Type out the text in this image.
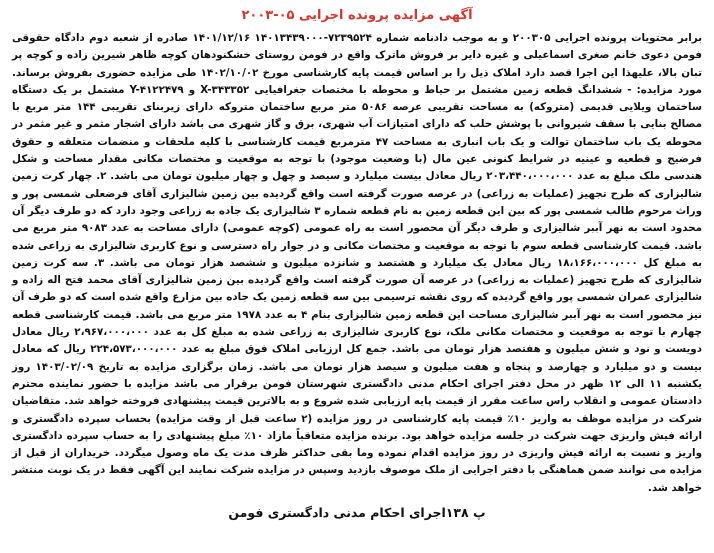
آگهی مزایده پرونده اجرایی ۰۵-۲۰۰۳

برابر محتویات پرونده اجرایی ۲۰۰۳۰۵ و به موجب دادنامه شماره ۷۲۳۹۵۲۴-۱۴۰۱۳۴۳۹۰۰۰ ۱۴۰۱/۱۲/۱۶ صادره از شعبه دوم دادگاه حقوقی فومن دعوی خانم صغری اسماعیلی و غیره دایر بر فروش ماترک واقع در فومن روستای خشکنودهان کوچه ظاهر شیرین زاده و کوچه پر تبان بالا، علیهذا این اجرا قصد دارد املاک ذیل را بر اساس قیمت پایه کارشناسی مورخ ۱۴۰۲/۱۰/۰۲ طی مزایده حضوری بفروش برساند. مورد مزایده: - ششدانگ قطعه زمین مشتمل بر حیاط و محوطه با مختصات جغرافیایی X-۳۴۳۳۵۲ و Y-۴۱۲۲۴۷۹ مشتمل بر یک دستگاه ساختمان ویلایی قدیمی (متروکه) به مساحت تقریبی عرصه ۵۰۸۶ متر مربع ساختمان متروکه دارای زیربنای تقریبی ۱۴۴ متر مربع با مصالح بنایی با سقف شیروانی با پوشش حلب که دارای امتیازات آب شهری، برق و گاز شهری می باشد دارای اشجار مثمر و غیر مثمر در محوطه یک باب ساختمان توالت و یک باب انباری به مساحت ۴۷ مترمربع قیمت کارشناسی با کلیه ملحقات و منضمات متعلقه و حقوق فرضیج و قطعیه و عینیه در شرایط کنونی عین مال (با وضعیت موجود) با توجه به موقعیت و مختصات مکانی مقدار مساحت و شکل هندسی ملک مبلغ به عدد ۲۰۳،۴۴۰،۰۰۰،۰۰۰ ریال معادل بیست میلیارد و سیصد و چهل و چهار میلیون تومان می باشد. ۲. چهار کرت زمین شالیزاری که طرح تجهیز (عملیات به زراعی) در عرصه صورت گرفته است واقع گردیده بین زمین شالیزاری آقای فرضعلی شمسی پور و وراث مرحوم طالب شمسی پور که بین این قطعه زمین به نام قطعه شماره ۳ شالیزاری یک جاده به زراعی وجود دارد که دو طرف دیگر آن محدود است به نهر آببر شالیزاری و طرف دیگر آن محصور است به راه عمومی (کوچه عمومی) دارای مساحت به عدد ۹۰۸۳ متر مربع می باشد. قیمت کارشناسی قطعه سوم با توجه به موقعیت و مختصات مکانی و در جوار راه دسترسی و نوع کاربری شالیزاری به زراعی شده به مبلغ کل ۱۸،۱۶۶،۰۰۰،۰۰۰ ریال معادل یک میلیارد و هشتصد و شانزده میلیون و ششصد هزار تومان می باشد. ۳. سه کرت زمین شالیزاری که طرح تجهیز (عملیات به زراعی) در عرصه آن صورت گرفته است واقع گردیده بین زمین شالیزاری آقای محمد فتح اله زاده و شالیزاری عمران شمسی پور واقع گردیده که روی نقشه ترسیمی بین سه قطعه زمین یک جاده بین مزارع واقع شده است که دو طرف آن نیز محصور است به نهر آببر شالیزاری مساحت این قطعه زمین شالیزاری بنام ۴ به عدد ۱۹۷۸ متر مربع می باشد. قیمت کارشناسی قطعه چهارم با توجه به موقعیت و مختصات مکانی ملک، نوع کاربری شالیزاری به زراعی شده به مبلغ کل به عدد ۲،۹۶۷،۰۰۰،۰۰۰ ریال معادل دویست و نود و شش میلیون و هفتصد هزار تومان می باشد. جمع کل ارزیابی املاک فوق مبلغ به عدد ۲۲۴،۵۷۳،۰۰۰،۰۰۰ ریال که معادل بیست و دو میلیارد و چهارصد و پنجاه و هفت میلیون و سیصد هزار تومان می باشد. زمان برگزاری مزایده به تاریخ ۱۴۰۳/۰۲/۰۹ روز یکشنبه ۱۱ الی ۱۲ ظهر در محل دفتر اجرای احکام مدنی دادگستری شهرستان فومن برقرار می باشد مزایده با حضور نماینده محترم دادستان عمومی و انقلاب راس ساعت مقرر از قیمت پایه ارزیابی شده شروع و به بالاترین قیمت پیشنهادی فروخته خواهد شد. متقاضیان شرکت در مزایده موظف به واریز ۱۰٪ قیمت پایه کارشناسی در روز مزایده (۲ ساعت قبل از وقت مزایده) بحساب سپرده دادگستری و ارائه فیش واریزی جهت شرکت در جلسه مزایده خواهد بود. برنده مزایده متعاقباً مازاد ۱۰٪ مبلغ پیشنهادی را به حساب سپرده دادگستری واریز و نسبت به ارائه فیش واریزی در روز مزایده اقدام نموده وما بقی حداکثر ظرف مدت یک ماه وصول میگردد. خریداران از قبل از مزایده می توانند ضمن هماهنگی با دفتر اجرایی از ملک موصوف بازدید وسپس در مزایده شرکت نمایند این آگهی فقط در یک نوبت منتشر خواهد شد.

پ ۱۳۸اجرای احکام مدنی دادگستری فومن
